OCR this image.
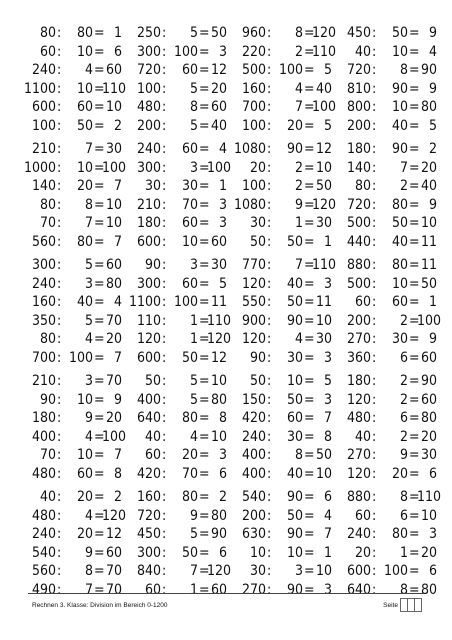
80: 80= 1
60: 10= 6
240: 4=60
1100: 10=110
600: 60=10
100: 50= 2
250: 5=50
300: 100= 3
720: 60=12
100: 5=20
480: 8=60
200: 5=40
960: 8=120
220: 2=110
500: 100= 5
160: 4=40
700: 7=100
100: 20= 5
450: 50= 9
40: 10= 4
720: 8=90
810: 90= 9
800: 10=80
200: 40= 5
210: 7=30
1000: 10=100
140: 20= 7
80: 8=10
70: 7=10
560: 80= 7
240: 60= 4
300: 3=100
30: 30= 1
210: 70= 3
180: 60= 3
600: 10=60
1080: 90=12
20: 2=10
100: 2=50
1080: 9=120
30: 1=30
50: 50= 1
180: 90= 2
140: 7=20
80: 2=40
720: 80= 9
500: 50=10
440: 40=11
300: 5=60
240: 3=80
160: 40= 4
350: 5=70
80: 4=20
700: 100= 7
90: 3=30
300: 60= 5
1100: 100=11
110: 1=110
120: 1=120
600: 50=12
770: 7=110
120: 40= 3
550: 50=11
900: 90=10
120: 4=30
90: 30= 3
880: 80=11
500: 10=50
60: 60= 1
200: 2=100
270: 30= 9
360: 6=60
210: 3=70
90: 10= 9
180: 9=20
400: 4=100
70: 10= 7
480: 60= 8
50: 5=10
400: 5=80
640: 80= 8
40: 4=10
60: 20= 3
420: 70= 6
50: 10= 5
150: 50= 3
420: 60= 7
240: 30= 8
400: 8=50
400: 40=10
180: 2=90
120: 2=60
480: 6=80
40: 2=20
270: 9=30
120: 20= 6
40: 20= 2
480: 4=120
240: 20=12
540: 9=60
560: 8=70
490: 7=70
160: 80= 2
720: 9=80
450: 5=90
300: 50= 6
840: 7=120
60: 1=60
540: 90= 6
200: 50= 4
630: 90= 7
10: 10= 1
30: 3=10
270: 90= 3
880: 8=110
60: 6=10
240: 80= 3
20: 1=20
600: 100= 6
640: 8=80
Rechnen 3. Klasse: Division im Bereich 0-1200	Seite
